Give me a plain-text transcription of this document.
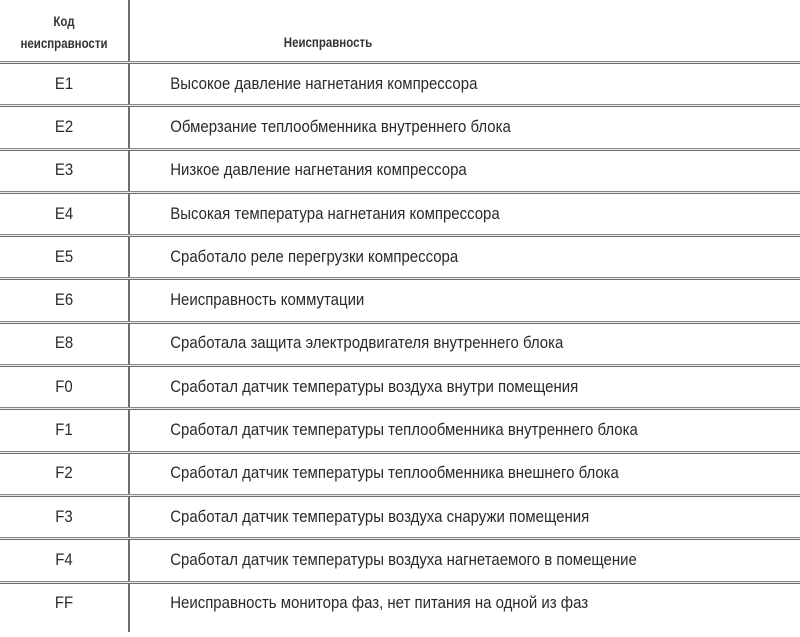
Код
неисправности	Неисправность
E1	Высокое давление нагнетания компрессора
E2	Обмерзание теплообменника внутреннего блока
E3	Низкое давление нагнетания компрессора
E4	Высокая температура нагнетания компрессора
E5	Сработало реле перегрузки компрессора
E6	Неисправность коммутации
E8	Сработала защита электродвигателя внутреннего блока
F0	Сработал датчик температуры воздуха внутри помещения
F1	Сработал датчик температуры теплообменника внутреннего блока
F2	Сработал датчик температуры теплообменника внешнего блока
F3	Сработал датчик температуры воздуха снаружи помещения
F4	Сработал датчик температуры воздуха нагнетаемого в помещение
FF	Неисправность монитора фаз, нет питания на одной из фаз
